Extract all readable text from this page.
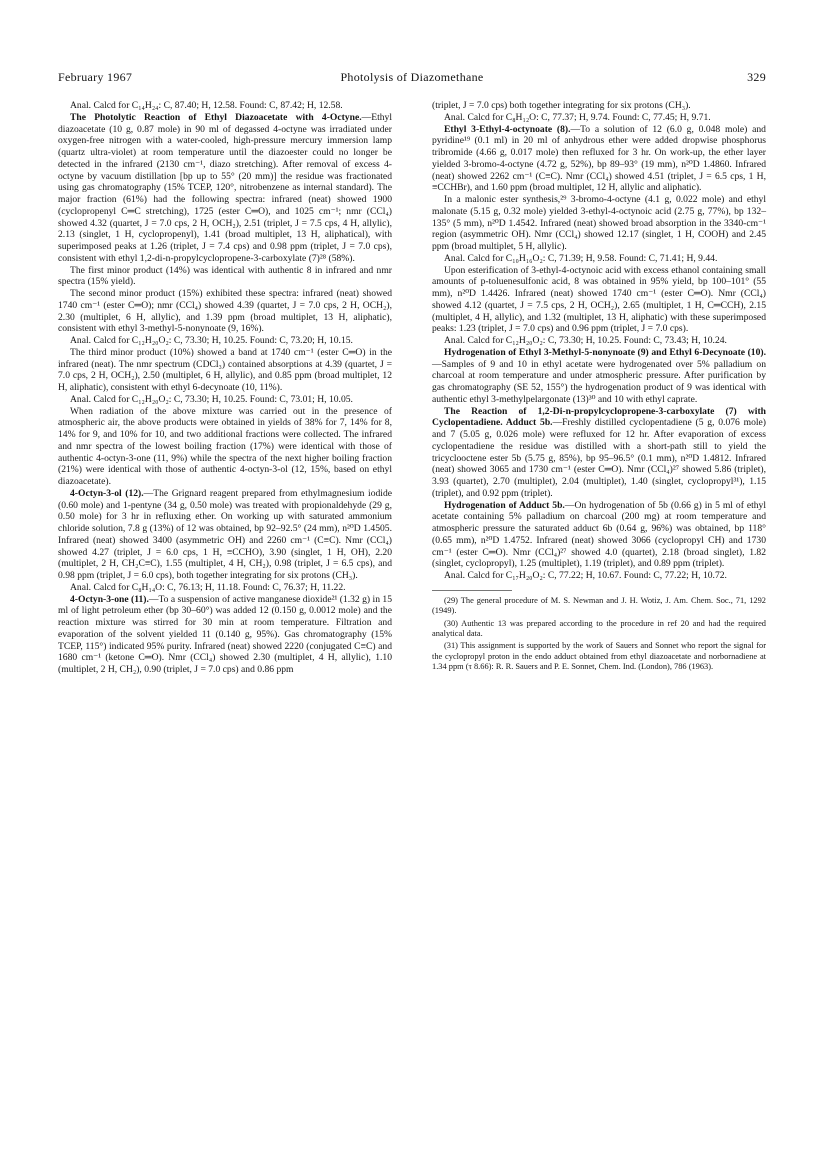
February 1967	Photolysis of Diazomethane	329

Anal. Calcd for C₁₄H₂₄: C, 87.40; H, 12.58. Found: C, 87.42; H, 12.58.

The Photolytic Reaction of Ethyl Diazoacetate with 4-Octyne.—Ethyl diazoacetate (10 g, 0.87 mole) in 90 ml of degassed 4-octyne was irradiated under oxygen-free nitrogen with a water-cooled, high-pressure mercury immersion lamp (quartz ultra-violet) at room temperature until the diazoester could no longer be detected in the infrared (2130 cm⁻¹, diazo stretching). After removal of excess 4-octyne by vacuum distillation [bp up to 55° (20 mm)] the residue was fractionated using gas chromatography (15% TCEP, 120°, nitrobenzene as internal standard). The major fraction (61%) had the following spectra: infrared (neat) showed 1900 (cyclopropenyl C═C stretching), 1725 (ester C═O), and 1025 cm⁻¹; nmr (CCl₄) showed 4.32 (quartet, J = 7.0 cps, 2 H, OCH₂), 2.51 (triplet, J = 7.5 cps, 4 H, allylic), 2.13 (singlet, 1 H, cyclopropenyl), 1.41 (broad multiplet, 13 H, aliphatical), with superimposed peaks at 1.26 (triplet, J = 7.4 cps) and 0.98 ppm (triplet, J = 7.0 cps), consistent with ethyl 1,2-di-n-propylcyclopropene-3-carboxylate (7)²⁸ (58%).

The first minor product (14%) was identical with authentic 8 in infrared and nmr spectra (15% yield).

The second minor product (15%) exhibited these spectra: infrared (neat) showed 1740 cm⁻¹ (ester C═O); nmr (CCl₄) showed 4.39 (quartet, J = 7.0 cps, 2 H, OCH₂), 2.30 (multiplet, 6 H, allylic), and 1.39 ppm (broad multiplet, 13 H, aliphatic), consistent with ethyl 3-methyl-5-nonynoate (9, 16%).

Anal. Calcd for C₁₂H₂₀O₂: C, 73.30; H, 10.25. Found: C, 73.20; H, 10.15.

The third minor product (10%) showed a band at 1740 cm⁻¹ (ester C═O) in the infrared (neat). The nmr spectrum (CDCl₃) contained absorptions at 4.39 (quartet, J = 7.0 cps, 2 H, OCH₂), 2.50 (multiplet, 6 H, allylic), and 0.85 ppm (broad multiplet, 12 H, aliphatic), consistent with ethyl 6-decynoate (10, 11%).

Anal. Calcd for C₁₂H₂₀O₂: C, 73.30; H, 10.25. Found: C, 73.01; H, 10.05.

When radiation of the above mixture was carried out in the presence of atmospheric air, the above products were obtained in yields of 38% for 7, 14% for 8, 14% for 9, and 10% for 10, and two additional fractions were collected. The infrared and nmr spectra of the lowest boiling fraction (17%) were identical with those of authentic 4-octyn-3-one (11, 9%) while the spectra of the next higher boiling fraction (21%) were identical with those of authentic 4-octyn-3-ol (12, 15%, based on ethyl diazoacetate).

4-Octyn-3-ol (12).—The Grignard reagent prepared from ethylmagnesium iodide (0.60 mole) and 1-pentyne (34 g, 0.50 mole) was treated with propionaldehyde (29 g, 0.50 mole) for 3 hr in refluxing ether. On working up with saturated ammonium chloride solution, 7.8 g (13%) of 12 was obtained, bp 92–92.5° (24 mm), n²⁰D 1.4505. Infrared (neat) showed 3400 (asymmetric OH) and 2260 cm⁻¹ (C≡C). Nmr (CCl₄) showed 4.27 (triplet, J = 6.0 cps, 1 H, ≡CCHO), 3.90 (singlet, 1 H, OH), 2.20 (multiplet, 2 H, CH₂C≡C), 1.55 (multiplet, 4 H, CH₂), 0.98 (triplet, J = 6.5 cps), and 0.98 ppm (triplet, J = 6.0 cps), both together integrating for six protons (CH₃).

Anal. Calcd for C₈H₁₄O: C, 76.13; H, 11.18. Found: C, 76.37; H, 11.22.

4-Octyn-3-one (11).—To a suspension of active manganese dioxide²¹ (1.32 g) in 15 ml of light petroleum ether (bp 30–60°) was added 12 (0.150 g, 0.0012 mole) and the reaction mixture was stirred for 30 min at room temperature. Filtration and evaporation of the solvent yielded 11 (0.140 g, 95%). Gas chromatography (15% TCEP, 115°) indicated 95% purity. Infrared (neat) showed 2220 (conjugated C≡C) and 1680 cm⁻¹ (ketone C═O). Nmr (CCl₄) showed 2.30 (multiplet, 4 H, allylic), 1.10 (multiplet, 2 H, CH₂), 0.90 (triplet, J = 7.0 cps) and 0.86 ppm

(triplet, J = 7.0 cps) both together integrating for six protons (CH₃).

Anal. Calcd for C₈H₁₂O: C, 77.37; H, 9.74. Found: C, 77.45; H, 9.71.

Ethyl 3-Ethyl-4-octynoate (8).—To a solution of 12 (6.0 g, 0.048 mole) and pyridine¹⁹ (0.1 ml) in 20 ml of anhydrous ether were added dropwise phosphorus tribromide (4.66 g, 0.017 mole) then refluxed for 3 hr. On work-up, the ether layer yielded 3-bromo-4-octyne (4.72 g, 52%), bp 89–93° (19 mm), n²⁰D 1.4860. Infrared (neat) showed 2262 cm⁻¹ (C≡C). Nmr (CCl₄) showed 4.51 (triplet, J = 6.5 cps, 1 H, ≡CCHBr), and 1.60 ppm (broad multiplet, 12 H, allylic and aliphatic).

In a malonic ester synthesis,²⁹ 3-bromo-4-octyne (4.1 g, 0.022 mole) and ethyl malonate (5.15 g, 0.32 mole) yielded 3-ethyl-4-octynoic acid (2.75 g, 77%), bp 132–135° (5 mm), n²⁰D 1.4542. Infrared (neat) showed broad absorption in the 3340-cm⁻¹ region (asymmetric OH). Nmr (CCl₄) showed 12.17 (singlet, 1 H, COOH) and 2.45 ppm (broad multiplet, 5 H, allylic).

Anal. Calcd for C₁₀H₁₆O₂: C, 71.39; H, 9.58. Found: C, 71.41; H, 9.44.

Upon esterification of 3-ethyl-4-octynoic acid with excess ethanol containing small amounts of p-toluenesulfonic acid, 8 was obtained in 95% yield, bp 100–101° (55 mm), n²⁰D 1.4426. Infrared (neat) showed 1740 cm⁻¹ (ester C═O). Nmr (CCl₄) showed 4.12 (quartet, J = 7.5 cps, 2 H, OCH₂), 2.65 (multiplet, 1 H, C═CCH), 2.15 (multiplet, 4 H, allylic), and 1.32 (multiplet, 13 H, aliphatic) with these superimposed peaks: 1.23 (triplet, J = 7.0 cps) and 0.96 ppm (triplet, J = 7.0 cps).

Anal. Calcd for C₁₂H₂₀O₂: C, 73.30; H, 10.25. Found: C, 73.43; H, 10.24.

Hydrogenation of Ethyl 3-Methyl-5-nonynoate (9) and Ethyl 6-Decynoate (10).—Samples of 9 and 10 in ethyl acetate were hydrogenated over 5% palladium on charcoal at room temperature and under atmospheric pressure. After purification by gas chromatography (SE 52, 155°) the hydrogenation product of 9 was identical with authentic ethyl 3-methylpelargonate (13)³⁰ and 10 with ethyl caprate.

The Reaction of 1,2-Di-n-propylcyclopropene-3-carboxylate (7) with Cyclopentadiene. Adduct 5b.—Freshly distilled cyclopentadiene (5 g, 0.076 mole) and 7 (5.05 g, 0.026 mole) were refluxed for 12 hr. After evaporation of excess cyclopentadiene the residue was distilled with a short-path still to yield the tricyclooctene ester 5b (5.75 g, 85%), bp 95–96.5° (0.1 mm), n²⁰D 1.4812. Infrared (neat) showed 3065 and 1730 cm⁻¹ (ester C═O). Nmr (CCl₄)²⁷ showed 5.86 (triplet), 3.93 (quartet), 2.70 (multiplet), 2.04 (multiplet), 1.40 (singlet, cyclopropyl³¹), 1.15 (triplet), and 0.92 ppm (triplet).

Hydrogenation of Adduct 5b.—On hydrogenation of 5b (0.66 g) in 5 ml of ethyl acetate containing 5% palladium on charcoal (200 mg) at room temperature and atmospheric pressure the saturated adduct 6b (0.64 g, 96%) was obtained, bp 118° (0.65 mm), n²⁰D 1.4752. Infrared (neat) showed 3066 (cyclopropyl CH) and 1730 cm⁻¹ (ester C═O). Nmr (CCl₄)²⁷ showed 4.0 (quartet), 2.18 (broad singlet), 1.82 (singlet, cyclopropyl), 1.25 (multiplet), 1.19 (triplet), and 0.89 ppm (triplet).

Anal. Calcd for C₁₇H₂₀O₂: C, 77.22; H, 10.67. Found: C, 77.22; H, 10.72.

(29) The general procedure of M. S. Newman and J. H. Wotiz, J. Am. Chem. Soc., 71, 1292 (1949).

(30) Authentic 13 was prepared according to the procedure in ref 20 and had the required analytical data.

(31) This assignment is supported by the work of Sauers and Sonnet who report the signal for the cyclopropyl proton in the endo adduct obtained from ethyl diazoacetate and norbornadiene at 1.34 ppm (τ 8.66): R. R. Sauers and P. E. Sonnet, Chem. Ind. (London), 786 (1963).
